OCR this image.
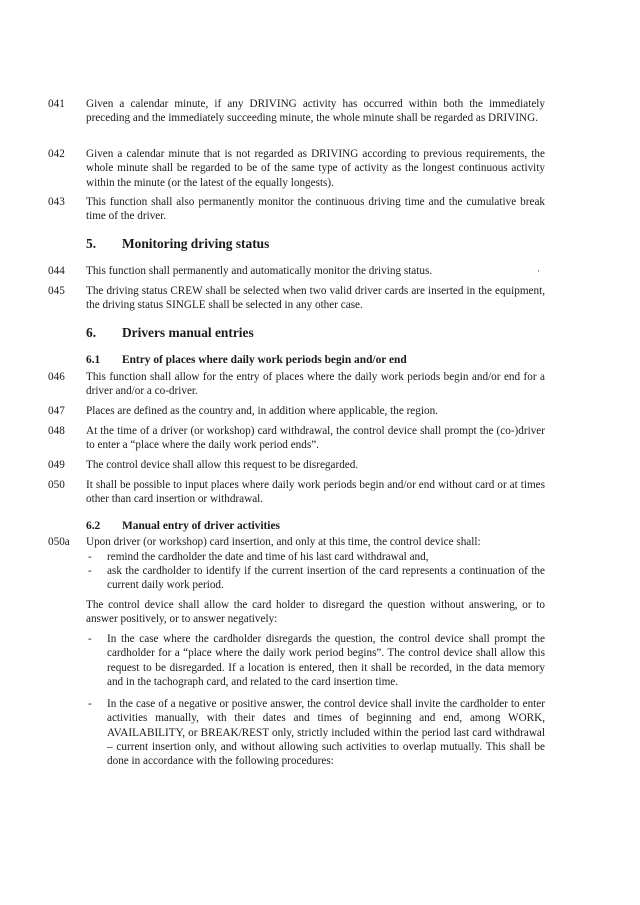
041	Given a calendar minute, if any DRIVING activity has occurred within both the immediately preceding and the immediately succeeding minute, the whole minute shall be regarded as DRIVING.
042	Given a calendar minute that is not regarded as DRIVING according to previous requirements, the whole minute shall be regarded to be of the same type of activity as the longest continuous activity within the minute (or the latest of the equally longests).
043	This function shall also permanently monitor the continuous driving time and the cumulative break time of the driver.
5. Monitoring driving status
044	This function shall permanently and automatically monitor the driving status.	·
045	The driving status CREW shall be selected when two valid driver cards are inserted in the equipment, the driving status SINGLE shall be selected in any other case.
6. Drivers manual entries
6.1 Entry of places where daily work periods begin and/or end
046	This function shall allow for the entry of places where the daily work periods begin and/or end for a driver and/or a co-driver.
047	Places are defined as the country and, in addition where applicable, the region.
048	At the time of a driver (or workshop) card withdrawal, the control device shall prompt the (co-)driver to enter a “place where the daily work period ends”.
049	The control device shall allow this request to be disregarded.
050	It shall be possible to input places where daily work periods begin and/or end without card or at times other than card insertion or withdrawal.
6.2 Manual entry of driver activities
050a	Upon driver (or workshop) card insertion, and only at this time, the control device shall:
- remind the cardholder the date and time of his last card withdrawal and,
- ask the cardholder to identify if the current insertion of the card represents a continuation of the current daily work period.
The control device shall allow the card holder to disregard the question without answering, or to answer positively, or to answer negatively:
- In the case where the cardholder disregards the question, the control device shall prompt the cardholder for a “place where the daily work period begins”. The control device shall allow this request to be disregarded. If a location is entered, then it shall be recorded, in the data memory and in the tachograph card, and related to the card insertion time.
- In the case of a negative or positive answer, the control device shall invite the cardholder to enter activities manually, with their dates and times of beginning and end, among WORK, AVAILABILITY, or BREAK/REST only, strictly included within the period last card withdrawal – current insertion only, and without allowing such activities to overlap mutually. This shall be done in accordance with the following procedures:
